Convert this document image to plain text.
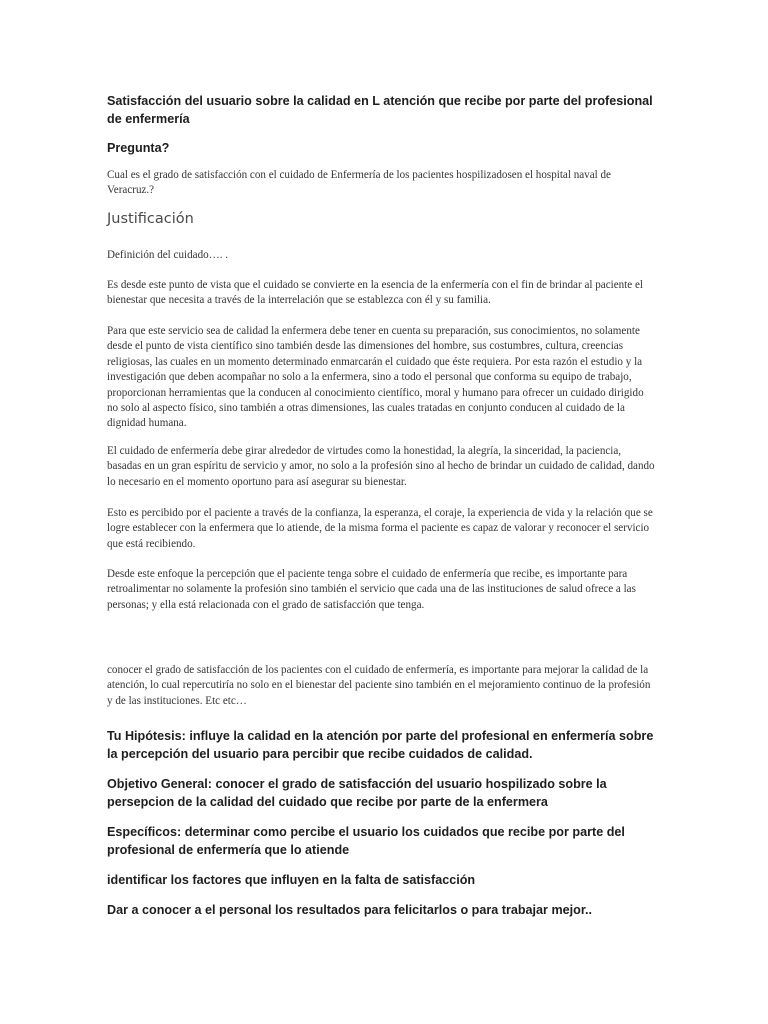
Satisfacción del usuario sobre la calidad en L atención que recibe por parte del profesional de enfermería

Pregunta?

Cual es el grado de satisfacción con el cuidado de Enfermería de los pacientes hospilizadosen el hospital naval de Veracruz.?

Justificación

Definición del cuidado…. .

Es desde este punto de vista que el cuidado se convierte en la esencia de la enfermería con el fin de brindar al paciente el bienestar que necesita a través de la interrelación que se establezca con él y su familia.

Para que este servicio sea de calidad la enfermera debe tener en cuenta su preparación, sus conocimientos, no solamente desde el punto de vista científico sino también desde las dimensiones del hombre, sus costumbres, cultura, creencias religiosas, las cuales en un momento determinado enmarcarán el cuidado que éste requiera. Por esta razón el estudio y la investigación que deben acompañar no solo a la enfermera, sino a todo el personal que conforma su equipo de trabajo, proporcionan herramientas que la conducen al conocimiento científico, moral y humano para ofrecer un cuidado dirigido no solo al aspecto físico, sino también a otras dimensiones, las cuales tratadas en conjunto conducen al cuidado de la dignidad humana.

El cuidado de enfermería debe girar alrededor de virtudes como la honestidad, la alegría, la sinceridad, la paciencia, basadas en un gran espíritu de servicio y amor, no solo a la profesión sino al hecho de brindar un cuidado de calidad, dando lo necesario en el momento oportuno para así asegurar su bienestar.

Esto es percibido por el paciente a través de la confianza, la esperanza, el coraje, la experiencia de vida y la relación que se logre establecer con la enfermera que lo atiende, de la misma forma el paciente es capaz de valorar y reconocer el servicio que está recibiendo.

Desde este enfoque la percepción que el paciente tenga sobre el cuidado de enfermería que recibe, es importante para retroalimentar no solamente la profesión sino también el servicio que cada una de las instituciones de salud ofrece a las personas; y ella está relacionada con el grado de satisfacción que tenga.

conocer el grado de satisfacción de los pacientes con el cuidado de enfermería, es importante para mejorar la calidad de la atención, lo cual repercutiría no solo en el bienestar del paciente sino también en el mejoramiento continuo de la profesión y de las instituciones. Etc etc…

Tu Hipótesis: influye la calidad en la atención por parte del profesional en enfermería sobre la percepción del usuario para percibir que recibe cuidados de calidad.

Objetivo General: conocer el grado de satisfacción del usuario hospilizado sobre la persepcion de la calidad del cuidado que recibe por parte de la enfermera

Específicos: determinar como percibe el usuario los cuidados que recibe por parte del profesional de enfermería que lo atiende

identificar los factores que influyen en la falta de satisfacción

Dar a conocer a el personal los resultados para felicitarlos o para trabajar mejor..
